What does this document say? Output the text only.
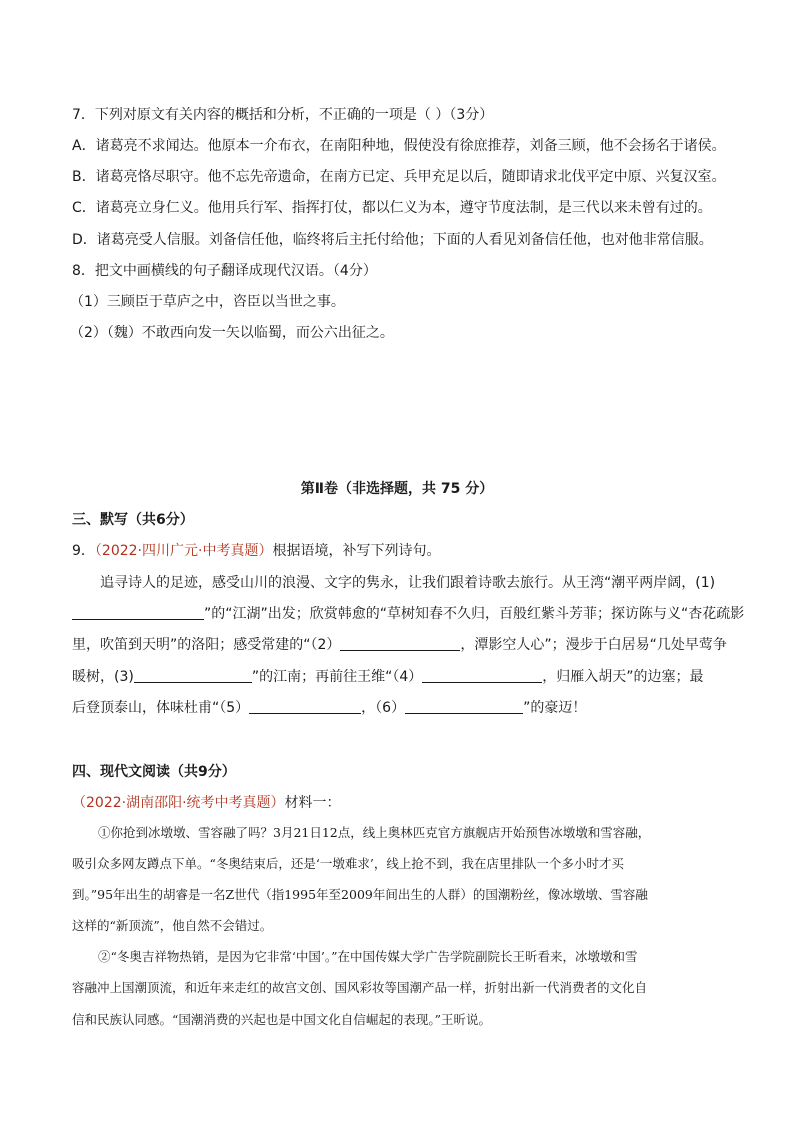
7．下列对原文有关内容的概括和分析，不正确的一项是（ ）（3分）
A．诸葛亮不求闻达。他原本一介布衣，在南阳种地，假使没有徐庶推荐，刘备三顾，他不会扬名于诸侯。
B．诸葛亮恪尽职守。他不忘先帝遗命，在南方已定、兵甲充足以后，随即请求北伐平定中原、兴复汉室。
C．诸葛亮立身仁义。他用兵行军、指挥打仗，都以仁义为本，遵守节度法制，是三代以来未曾有过的。
D．诸葛亮受人信服。刘备信任他，临终将后主托付给他；下面的人看见刘备信任他，也对他非常信服。
8．把文中画横线的句子翻译成现代汉语。（4分）
（1）三顾臣于草庐之中，咨臣以当世之事。
（2）（魏）不敢西向发一矢以临蜀，而公六出征之。
第Ⅱ卷（非选择题，共 75 分）
三、默写（共6分）
9．（2022·四川广元·中考真题）根据语境，补写下列诗句。
追寻诗人的足迹，感受山川的浪漫、文字的隽永，让我们跟着诗歌去旅行。从王湾“潮平两岸阔，(1)
”的“江湖”出发；欣赏韩愈的“草树知春不久归，百般红紫斗芳菲；探访陈与义“杏花疏影
里，吹笛到天明”的洛阳；感受常建的“（2）	，潭影空人心”；漫步于白居易“几处早莺争
暖树，(3)	”的江南；再前往王维“（4）	，归雁入胡天”的边塞；最
后登顶泰山，体味杜甫“（5）	，（6）	”的豪迈！
四、现代文阅读（共9分）
（2022·湖南邵阳·统考中考真题）材料一：
①你抢到冰墩墩、雪容融了吗？3月21日12点，线上奥林匹克官方旗舰店开始预售冰墩墩和雪容融，
吸引众多网友蹲点下单。“冬奥结束后，还是‘一墩难求’，线上抢不到，我在店里排队一个多小时才买
到。”95年出生的胡睿是一名Z世代（指1995年至2009年间出生的人群）的国潮粉丝，像冰墩墩、雪容融
这样的“新顶流”，他自然不会错过。
②“冬奥吉祥物热销，是因为它非常‘中国’。”在中国传媒大学广告学院副院长王昕看来，冰墩墩和雪
容融冲上国潮顶流，和近年来走红的故宫文创、国风彩妆等国潮产品一样，折射出新一代消费者的文化自
信和民族认同感。“国潮消费的兴起也是中国文化自信崛起的表现。”王昕说。
